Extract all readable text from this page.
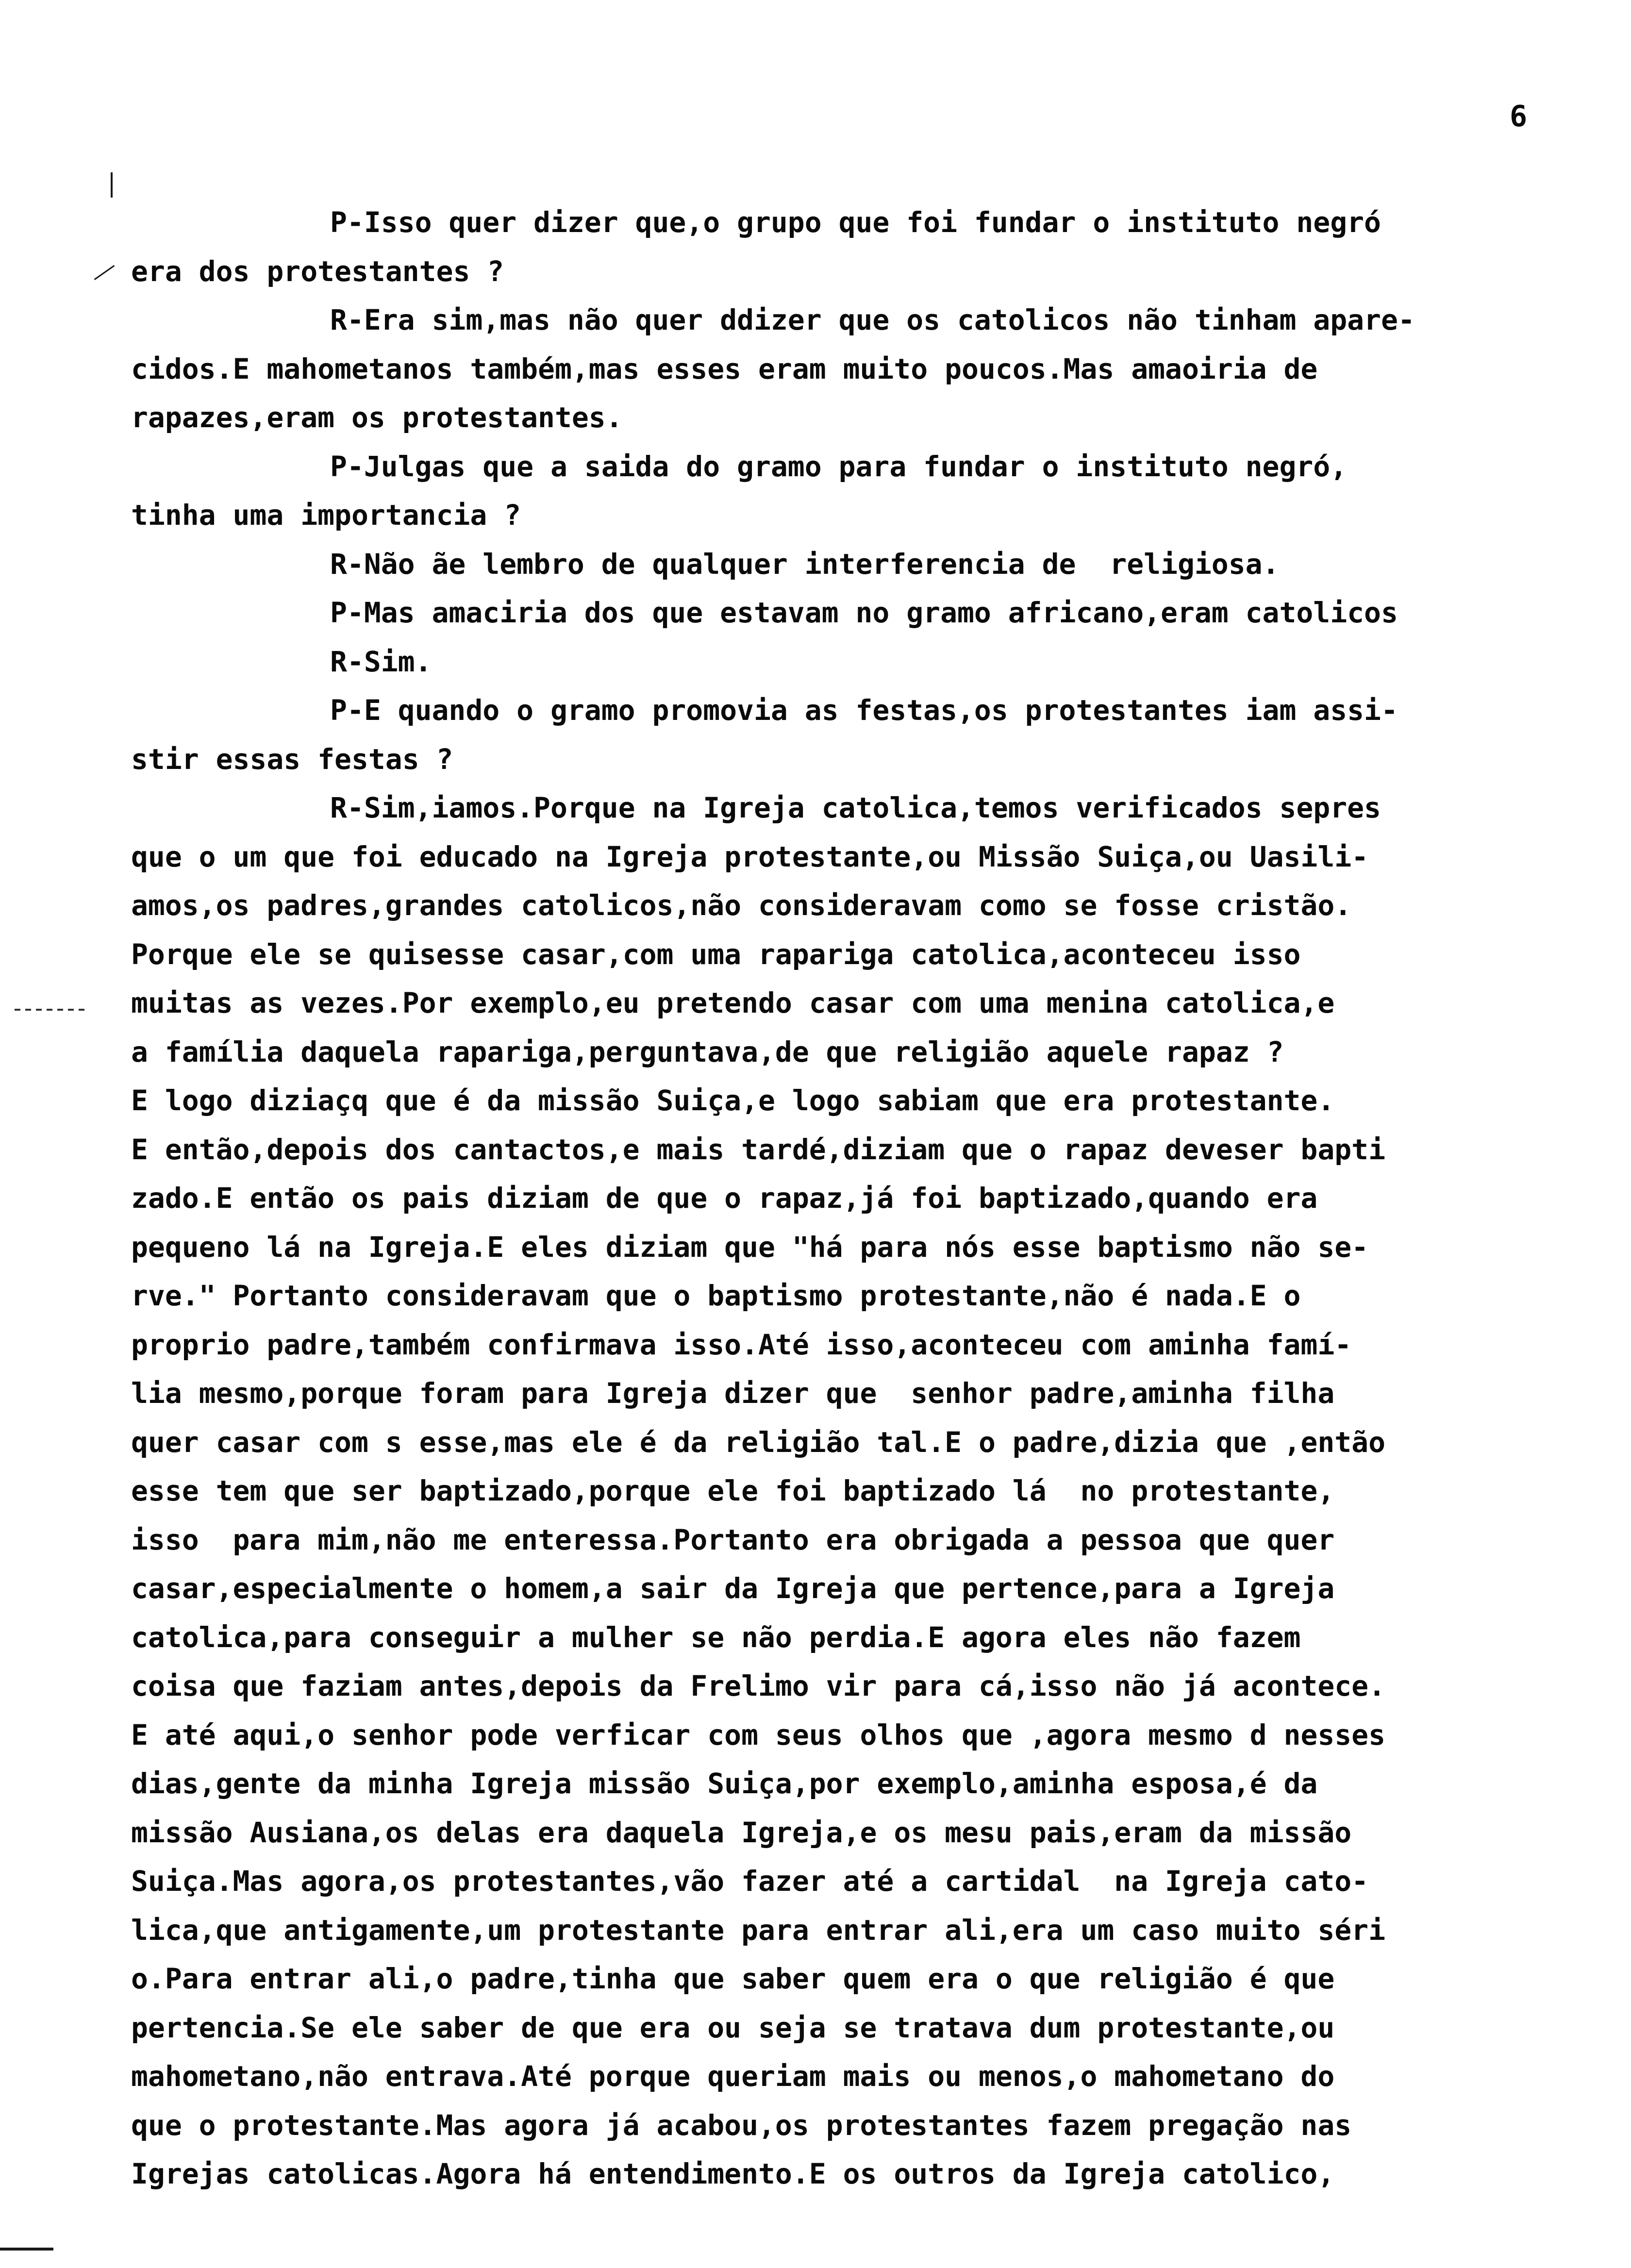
6
P-Isso quer dizer que,o grupo que foi fundar o instituto negró
era dos protestantes ?
R-Era sim,mas não quer ddizer que os catolicos não tinham apare-
cidos.E mahometanos também,mas esses eram muito poucos.Mas amaoiria de
rapazes,eram os protestantes.
P-Julgas que a saida do gramo para fundar o instituto negró,
tinha uma importancia ?
R-Não ãe lembro de qualquer interferencia de  religiosa.
P-Mas amaciria dos que estavam no gramo africano,eram catolicos
R-Sim.
P-E quando o gramo promovia as festas,os protestantes iam assi-
stir essas festas ?
R-Sim,iamos.Porque na Igreja catolica,temos verificados sepres
que o um que foi educado na Igreja protestante,ou Missão Suiça,ou Uasili-
amos,os padres,grandes catolicos,não consideravam como se fosse cristão.
Porque ele se quisesse casar,com uma rapariga catolica,aconteceu isso
muitas as vezes.Por exemplo,eu pretendo casar com uma menina catolica,e
a família daquela rapariga,perguntava,de que religião aquele rapaz ?
E logo diziaçq que é da missão Suiça,e logo sabiam que era protestante.
E então,depois dos cantactos,e mais tardé,diziam que o rapaz deveser bapti
zado.E então os pais diziam de que o rapaz,já foi baptizado,quando era
pequeno lá na Igreja.E eles diziam que "há para nós esse baptismo não se-
rve." Portanto consideravam que o baptismo protestante,não é nada.E o
proprio padre,também confirmava isso.Até isso,aconteceu com aminha famí-
lia mesmo,porque foram para Igreja dizer que  senhor padre,aminha filha
quer casar com s esse,mas ele é da religião tal.E o padre,dizia que ,então
esse tem que ser baptizado,porque ele foi baptizado lá  no protestante,
isso  para mim,não me enteressa.Portanto era obrigada a pessoa que quer
casar,especialmente o homem,a sair da Igreja que pertence,para a Igreja
catolica,para conseguir a mulher se não perdia.E agora eles não fazem
coisa que faziam antes,depois da Frelimo vir para cá,isso não já acontece.
E até aqui,o senhor pode verficar com seus olhos que ,agora mesmo d nesses
dias,gente da minha Igreja missão Suiça,por exemplo,aminha esposa,é da
missão Ausiana,os delas era daquela Igreja,e os mesu pais,eram da missão
Suiça.Mas agora,os protestantes,vão fazer até a cartidal  na Igreja cato-
lica,que antigamente,um protestante para entrar ali,era um caso muito séri
o.Para entrar ali,o padre,tinha que saber quem era o que religião é que
pertencia.Se ele saber de que era ou seja se tratava dum protestante,ou
mahometano,não entrava.Até porque queriam mais ou menos,o mahometano do
que o protestante.Mas agora já acabou,os protestantes fazem pregação nas
Igrejas catolicas.Agora há entendimento.E os outros da Igreja catolico,
